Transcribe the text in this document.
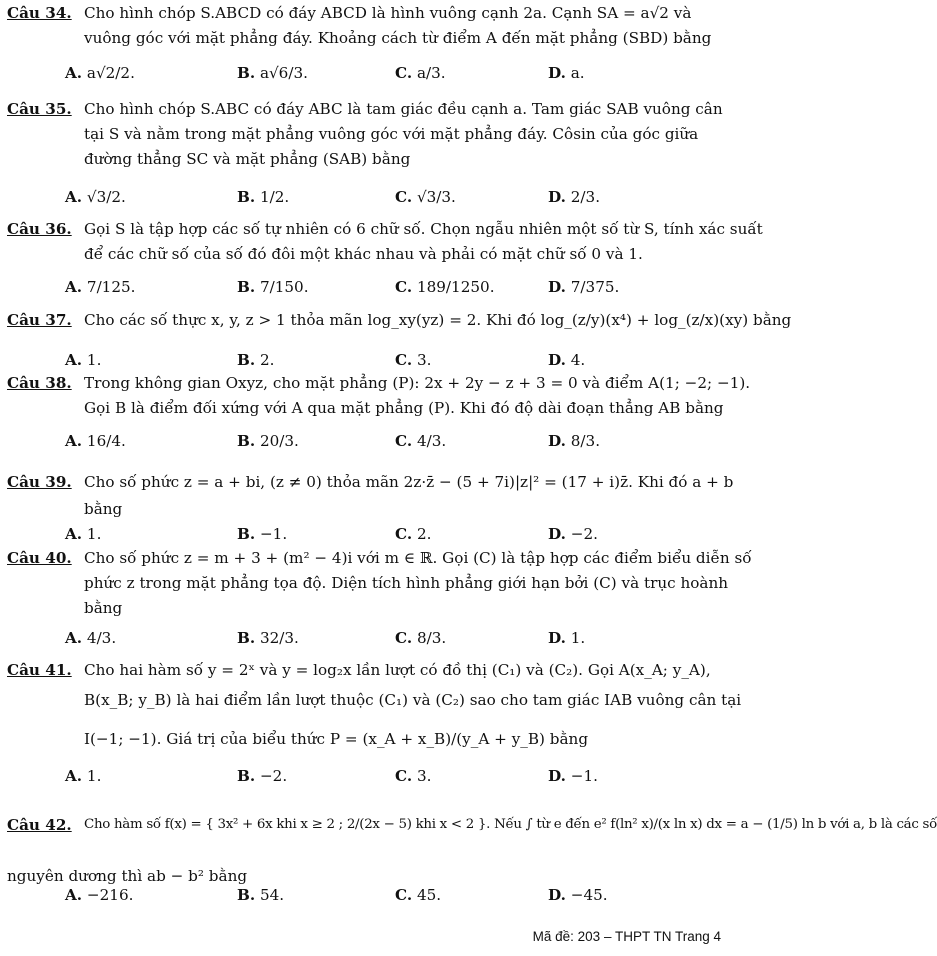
Câu 34. Cho hình chóp S.ABCD có đáy ABCD là hình vuông cạnh 2a. Cạnh SA = a√2 và
vuông góc với mặt phẳng đáy. Khoảng cách từ điểm A đến mặt phẳng (SBD) bằng
A. a√2/2.	B. a√6/3.	C. a/3.	D. a.
Câu 35. Cho hình chóp S.ABC có đáy ABC là tam giác đều cạnh a. Tam giác SAB vuông cân
tại S và nằm trong mặt phẳng vuông góc với mặt phẳng đáy. Côsin của góc giữa
đường thẳng SC và mặt phẳng (SAB) bằng
A. √3/2.	B. 1/2.	C. √3/3.	D. 2/3.
Câu 36. Gọi S là tập hợp các số tự nhiên có 6 chữ số. Chọn ngẫu nhiên một số từ S, tính xác suất
để các chữ số của số đó đôi một khác nhau và phải có mặt chữ số 0 và 1.
A. 7/125.	B. 7/150.	C. 189/1250.	D. 7/375.
Câu 37. Cho các số thực x, y, z > 1 thỏa mãn log_xy(yz) = 2. Khi đó log_(z/y)(x⁴) + log_(z/x)(xy) bằng
A. 1.	B. 2.	C. 3.	D. 4.
Câu 38. Trong không gian Oxyz, cho mặt phẳng (P): 2x + 2y − z + 3 = 0 và điểm A(1; −2; −1).
Gọi B là điểm đối xứng với A qua mặt phẳng (P). Khi đó độ dài đoạn thẳng AB bằng
A. 16/4.	B. 20/3.	C. 4/3.	D. 8/3.
Câu 39. Cho số phức z = a + bi, (z ≠ 0) thỏa mãn 2z·z̄ − (5 + 7i)|z|² = (17 + i)z̄. Khi đó a + b
bằng
A. 1.	B. −1.	C. 2.	D. −2.
Câu 40. Cho số phức z = m + 3 + (m² − 4)i với m ∈ ℝ. Gọi (C) là tập hợp các điểm biểu diễn số
phức z trong mặt phẳng tọa độ. Diện tích hình phẳng giới hạn bởi (C) và trục hoành
bằng
A. 4/3.	B. 32/3.	C. 8/3.	D. 1.
Câu 41. Cho hai hàm số y = 2ˣ và y = log₂x lần lượt có đồ thị (C₁) và (C₂). Gọi A(x_A; y_A),
B(x_B; y_B) là hai điểm lần lượt thuộc (C₁) và (C₂) sao cho tam giác IAB vuông cân tại
I(−1; −1). Giá trị của biểu thức P = (x_A + x_B)/(y_A + y_B) bằng
A. 1.	B. −2.	C. 3.	D. −1.
Câu 42. Cho hàm số f(x) = { 3x² + 6x khi x ≥ 2 ; 2/(2x − 5) khi x < 2 }. Nếu ∫ từ e đến e² f(ln² x)/(x ln x) dx = a − (1/5) ln b với a, b là các số
nguyên dương thì ab − b² bằng
A. −216.	B. 54.	C. 45.	D. −45.
Mã đề: 203 – THPT TN Trang 4
